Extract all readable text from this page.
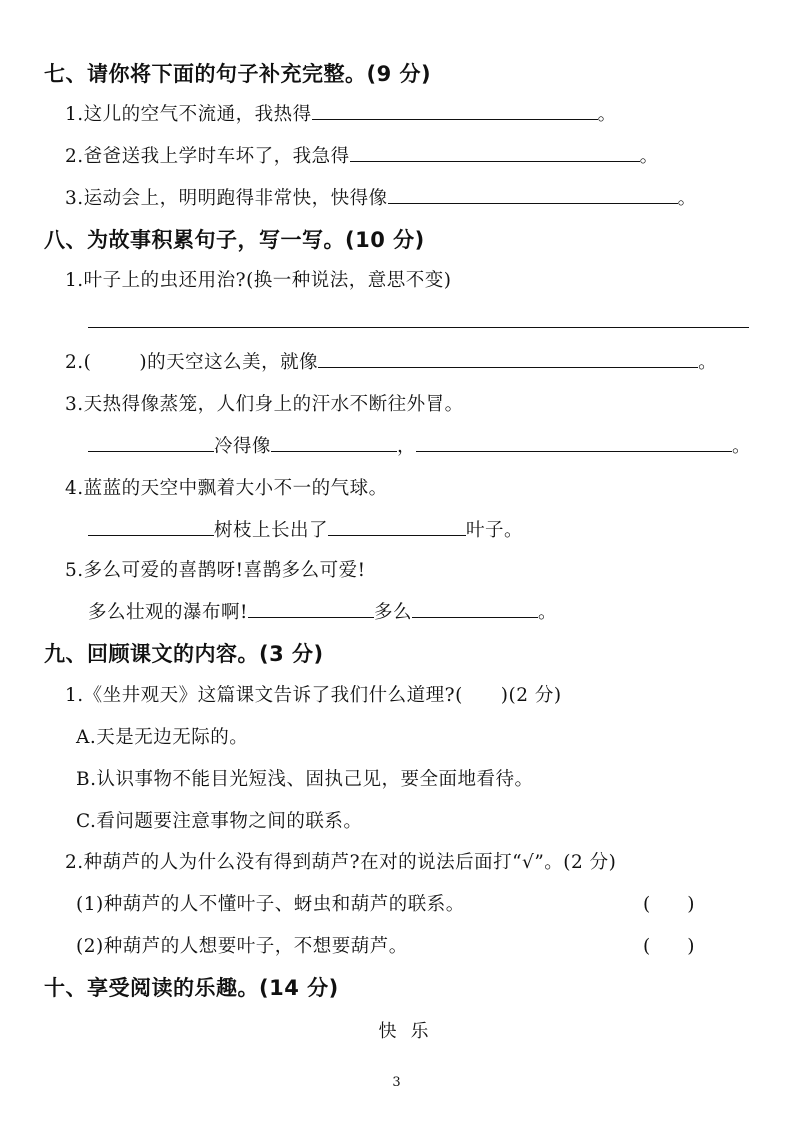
七、请你将下面的句子补充完整。(9 分)
1.这儿的空气不流通，我热得	。
2.爸爸送我上学时车坏了，我急得	。
3.运动会上，明明跑得非常快，快得像	。
八、为故事积累句子，写一写。(10 分)
1.叶子上的虫还用治?(换一种说法，意思不变)
2.(	)的天空这么美，就像	。
3.天热得像蒸笼，人们身上的汗水不断往外冒。
冷得像	，	。
4.蓝蓝的天空中飘着大小不一的气球。
树枝上长出了	叶子。
5.多么可爱的喜鹊呀!喜鹊多么可爱!
多么壮观的瀑布啊!	多么	。
九、回顾课文的内容。(3 分)
1.《坐井观天》这篇课文告诉了我们什么道理?( )(2 分)
A.天是无边无际的。
B.认识事物不能目光短浅、固执己见，要全面地看待。
C.看问题要注意事物之间的联系。
2.种葫芦的人为什么没有得到葫芦?在对的说法后面打“√”。(2 分)
(1)种葫芦的人不懂叶子、蚜虫和葫芦的联系。	(　　)
(2)种葫芦的人想要叶子，不想要葫芦。	(　　)
十、享受阅读的乐趣。(14 分)
快乐
3
